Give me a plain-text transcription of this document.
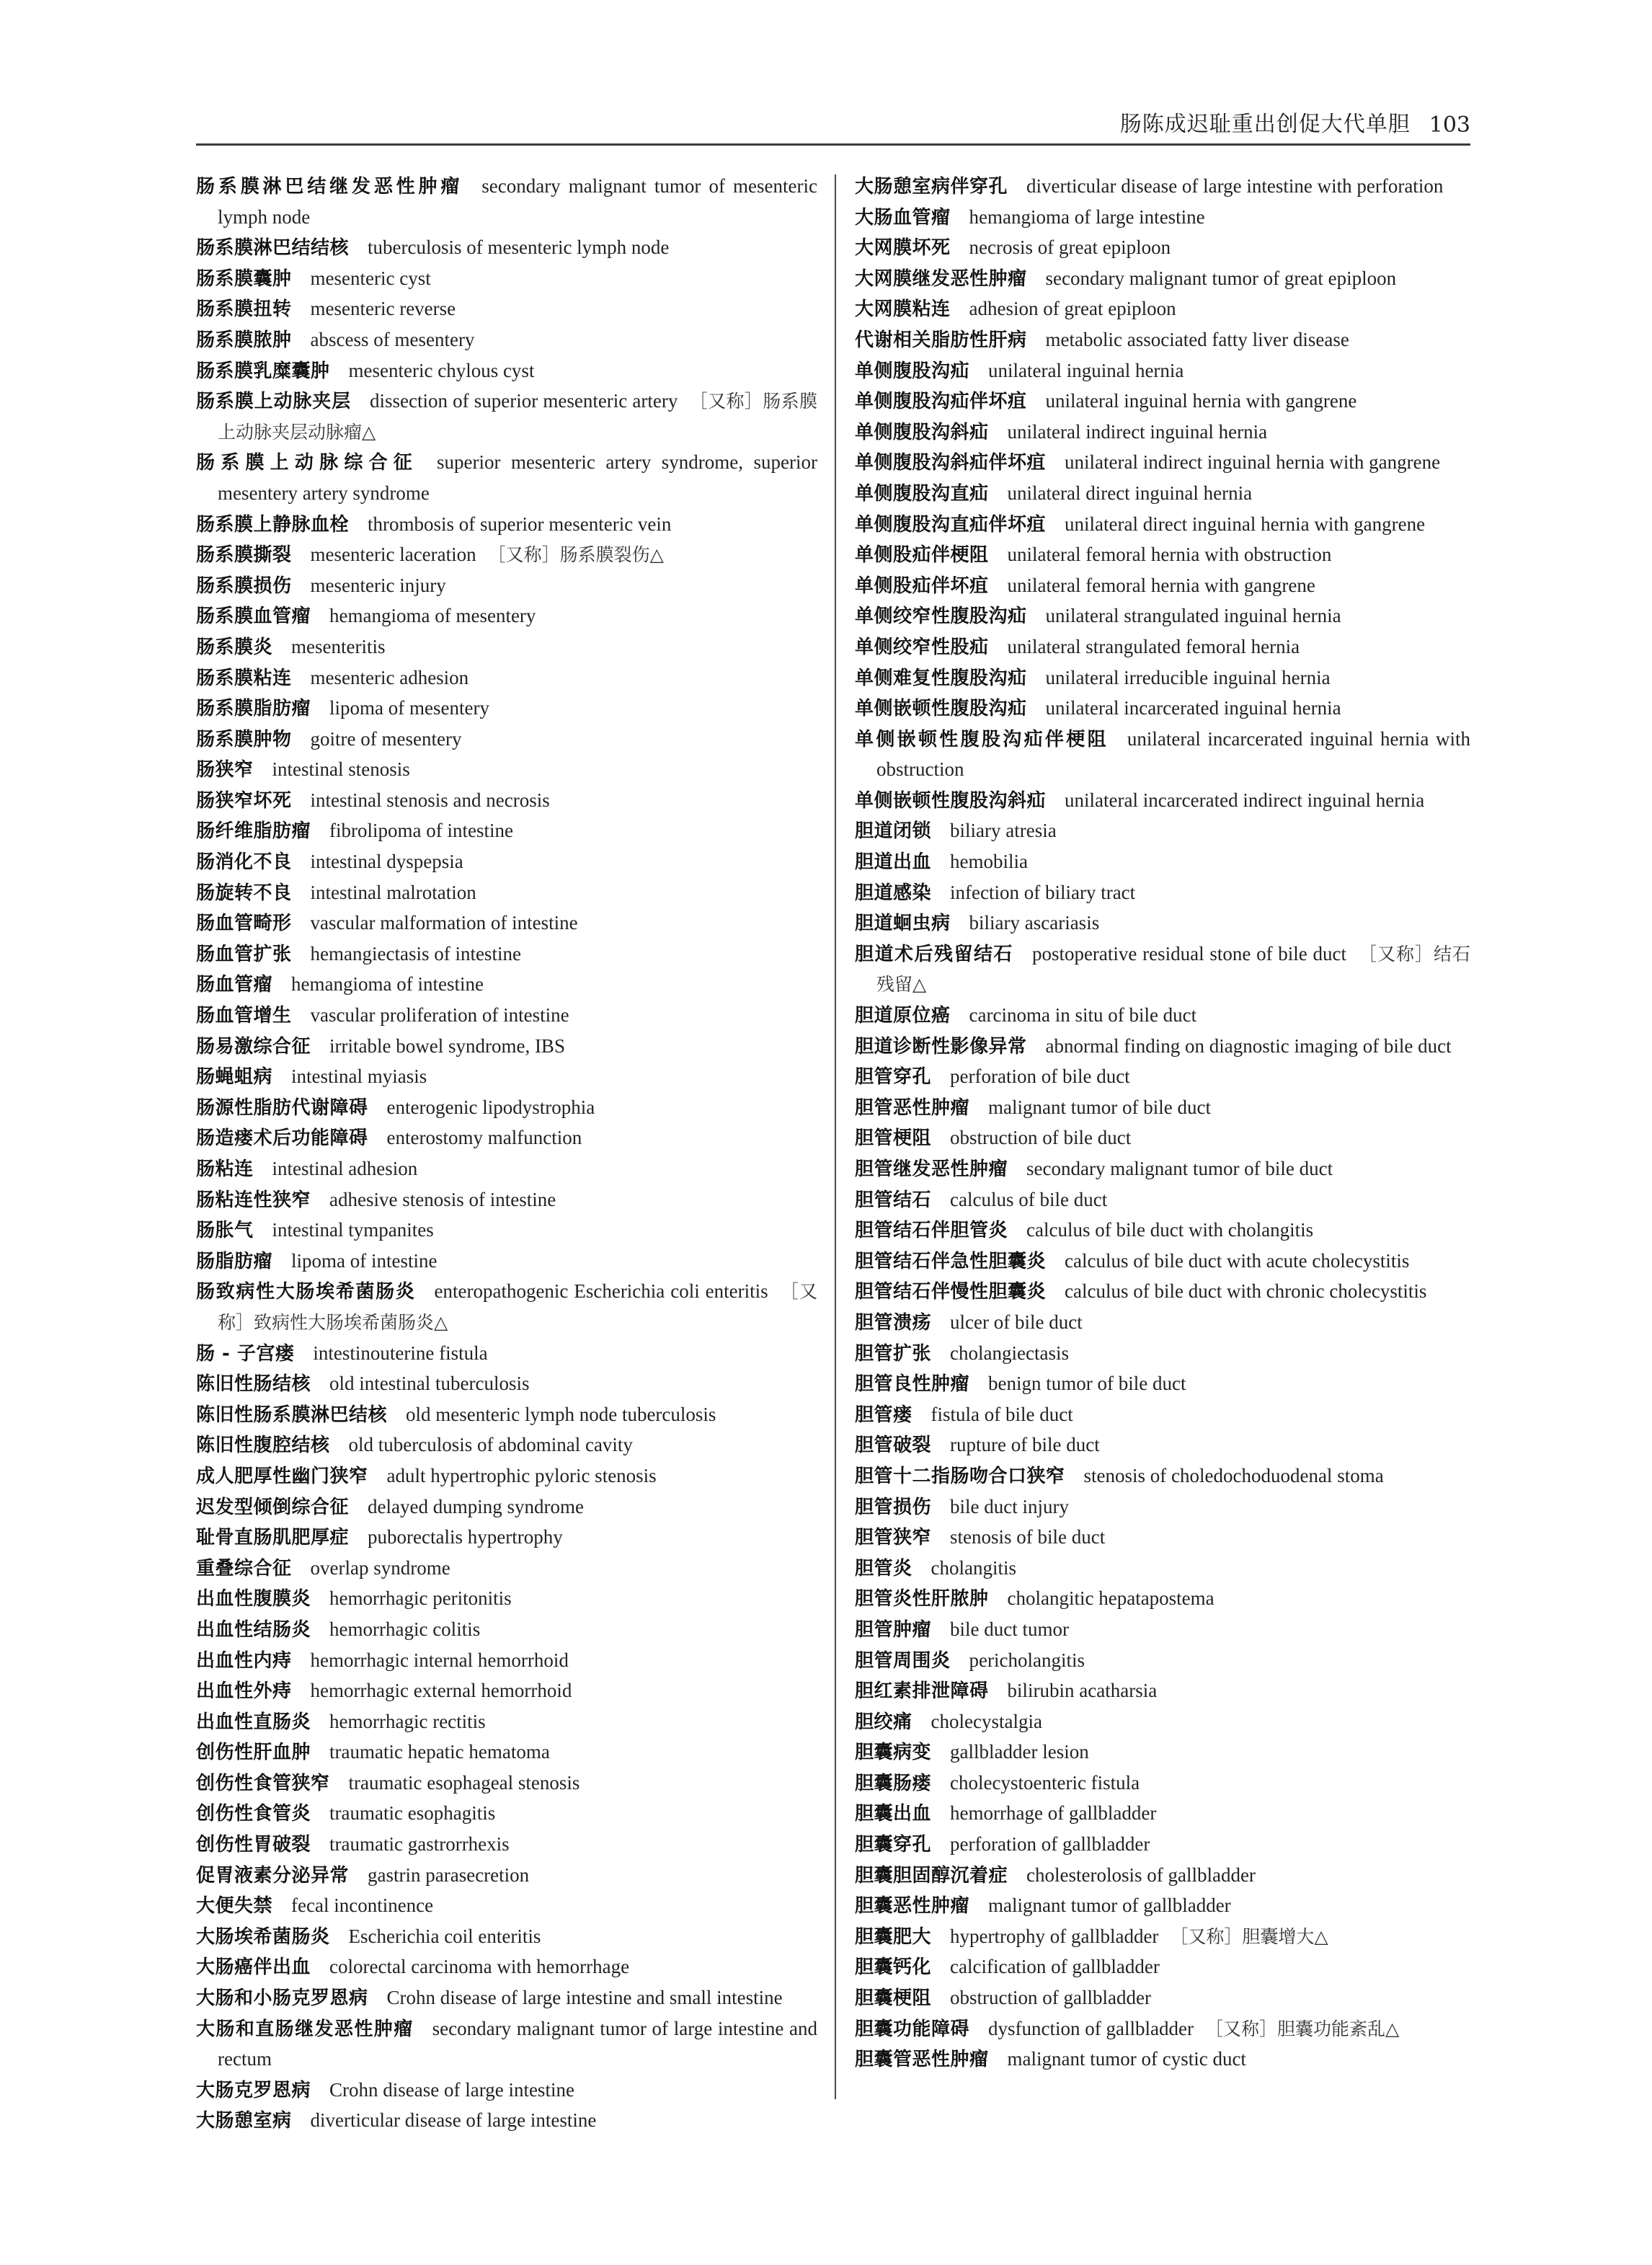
肠陈成迟耻重出创促大代单胆 103
肠系膜淋巴结继发恶性肿瘤 secondary malignant tumor of mesenteric lymph node
肠系膜淋巴结结核 tuberculosis of mesenteric lymph node
肠系膜囊肿 mesenteric cyst
肠系膜扭转 mesenteric reverse
肠系膜脓肿 abscess of mesentery
肠系膜乳糜囊肿 mesenteric chylous cyst
肠系膜上动脉夹层 dissection of superior mesenteric artery ［又称］肠系膜上动脉夹层动脉瘤△
肠系膜上动脉综合征 superior mesenteric artery syndrome, superior mesentery artery syndrome
肠系膜上静脉血栓 thrombosis of superior mesenteric vein
肠系膜撕裂 mesenteric laceration ［又称］肠系膜裂伤△
肠系膜损伤 mesenteric injury
肠系膜血管瘤 hemangioma of mesentery
肠系膜炎 mesenteritis
肠系膜粘连 mesenteric adhesion
肠系膜脂肪瘤 lipoma of mesentery
肠系膜肿物 goitre of mesentery
肠狭窄 intestinal stenosis
肠狭窄坏死 intestinal stenosis and necrosis
肠纤维脂肪瘤 fibrolipoma of intestine
肠消化不良 intestinal dyspepsia
肠旋转不良 intestinal malrotation
肠血管畸形 vascular malformation of intestine
肠血管扩张 hemangiectasis of intestine
肠血管瘤 hemangioma of intestine
肠血管增生 vascular proliferation of intestine
肠易激综合征 irritable bowel syndrome, IBS
肠蝇蛆病 intestinal myiasis
肠源性脂肪代谢障碍 enterogenic lipodystrophia
肠造瘘术后功能障碍 enterostomy malfunction
肠粘连 intestinal adhesion
肠粘连性狭窄 adhesive stenosis of intestine
肠胀气 intestinal tympanites
肠脂肪瘤 lipoma of intestine
肠致病性大肠埃希菌肠炎 enteropathogenic Escherichia coli enteritis ［又称］致病性大肠埃希菌肠炎△
肠 - 子宫瘘 intestinouterine fistula
陈旧性肠结核 old intestinal tuberculosis
陈旧性肠系膜淋巴结核 old mesenteric lymph node tuberculosis
陈旧性腹腔结核 old tuberculosis of abdominal cavity
成人肥厚性幽门狭窄 adult hypertrophic pyloric stenosis
迟发型倾倒综合征 delayed dumping syndrome
耻骨直肠肌肥厚症 puborectalis hypertrophy
重叠综合征 overlap syndrome
出血性腹膜炎 hemorrhagic peritonitis
出血性结肠炎 hemorrhagic colitis
出血性内痔 hemorrhagic internal hemorrhoid
出血性外痔 hemorrhagic external hemorrhoid
出血性直肠炎 hemorrhagic rectitis
创伤性肝血肿 traumatic hepatic hematoma
创伤性食管狭窄 traumatic esophageal stenosis
创伤性食管炎 traumatic esophagitis
创伤性胃破裂 traumatic gastrorrhexis
促胃液素分泌异常 gastrin parasecretion
大便失禁 fecal incontinence
大肠埃希菌肠炎 Escherichia coil enteritis
大肠癌伴出血 colorectal carcinoma with hemorrhage
大肠和小肠克罗恩病 Crohn disease of large intestine and small intestine
大肠和直肠继发恶性肿瘤 secondary malignant tumor of large intestine and rectum
大肠克罗恩病 Crohn disease of large intestine
大肠憩室病 diverticular disease of large intestine
大肠憩室病伴穿孔 diverticular disease of large intestine with perforation
大肠血管瘤 hemangioma of large intestine
大网膜坏死 necrosis of great epiploon
大网膜继发恶性肿瘤 secondary malignant tumor of great epiploon
大网膜粘连 adhesion of great epiploon
代谢相关脂肪性肝病 metabolic associated fatty liver disease
单侧腹股沟疝 unilateral inguinal hernia
单侧腹股沟疝伴坏疽 unilateral inguinal hernia with gangrene
单侧腹股沟斜疝 unilateral indirect inguinal hernia
单侧腹股沟斜疝伴坏疽 unilateral indirect inguinal hernia with gangrene
单侧腹股沟直疝 unilateral direct inguinal hernia
单侧腹股沟直疝伴坏疽 unilateral direct inguinal hernia with gangrene
单侧股疝伴梗阻 unilateral femoral hernia with obstruction
单侧股疝伴坏疽 unilateral femoral hernia with gangrene
单侧绞窄性腹股沟疝 unilateral strangulated inguinal hernia
单侧绞窄性股疝 unilateral strangulated femoral hernia
单侧难复性腹股沟疝 unilateral irreducible inguinal hernia
单侧嵌顿性腹股沟疝 unilateral incarcerated inguinal hernia
单侧嵌顿性腹股沟疝伴梗阻 unilateral incarcerated inguinal hernia with obstruction
单侧嵌顿性腹股沟斜疝 unilateral incarcerated indirect inguinal hernia
胆道闭锁 biliary atresia
胆道出血 hemobilia
胆道感染 infection of biliary tract
胆道蛔虫病 biliary ascariasis
胆道术后残留结石 postoperative residual stone of bile duct ［又称］结石残留△
胆道原位癌 carcinoma in situ of bile duct
胆道诊断性影像异常 abnormal finding on diagnostic imaging of bile duct
胆管穿孔 perforation of bile duct
胆管恶性肿瘤 malignant tumor of bile duct
胆管梗阻 obstruction of bile duct
胆管继发恶性肿瘤 secondary malignant tumor of bile duct
胆管结石 calculus of bile duct
胆管结石伴胆管炎 calculus of bile duct with cholangitis
胆管结石伴急性胆囊炎 calculus of bile duct with acute cholecystitis
胆管结石伴慢性胆囊炎 calculus of bile duct with chronic cholecystitis
胆管溃疡 ulcer of bile duct
胆管扩张 cholangiectasis
胆管良性肿瘤 benign tumor of bile duct
胆管瘘 fistula of bile duct
胆管破裂 rupture of bile duct
胆管十二指肠吻合口狭窄 stenosis of choledochoduodenal stoma
胆管损伤 bile duct injury
胆管狭窄 stenosis of bile duct
胆管炎 cholangitis
胆管炎性肝脓肿 cholangitic hepatapostema
胆管肿瘤 bile duct tumor
胆管周围炎 pericholangitis
胆红素排泄障碍 bilirubin acatharsia
胆绞痛 cholecystalgia
胆囊病变 gallbladder lesion
胆囊肠瘘 cholecystoenteric fistula
胆囊出血 hemorrhage of gallbladder
胆囊穿孔 perforation of gallbladder
胆囊胆固醇沉着症 cholesterolosis of gallbladder
胆囊恶性肿瘤 malignant tumor of gallbladder
胆囊肥大 hypertrophy of gallbladder ［又称］胆囊增大△
胆囊钙化 calcification of gallbladder
胆囊梗阻 obstruction of gallbladder
胆囊功能障碍 dysfunction of gallbladder ［又称］胆囊功能紊乱△
胆囊管恶性肿瘤 malignant tumor of cystic duct
